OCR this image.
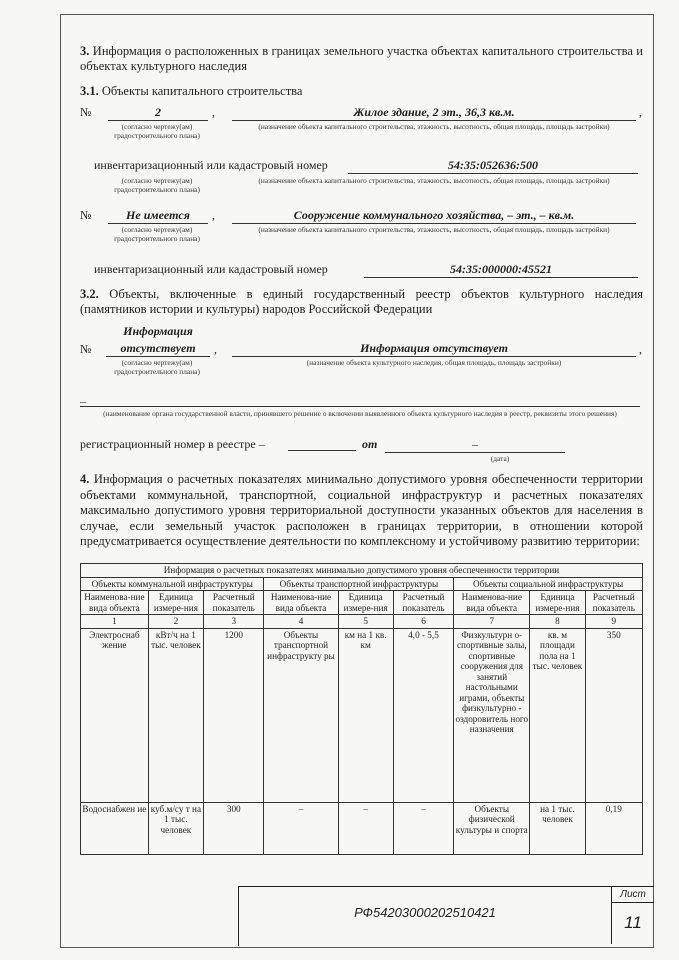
3. Информация о расположенных в границах земельного участка объектах капитального строительства и объектах культурного наследия
3.1. Объекты капитального строительства
№	2	,	Жилое здание, 2 эт., 36,3 кв.м.	,
(согласно чертежу(ам) градостроительного плана)
(назначение объекта капитального строительства, этажность, высотность, общая площадь, площадь застройки)
инвентаризационный или кадастровый номер	54:35:052636:500
(согласно чертежу(ам) градостроительного плана)
(назначение объекта капитального строительства, этажность, высотность, общая площадь, площадь застройки)
№	Не имеется	,	Сооружение коммунального хозяйства, – эт., – кв.м.
(согласно чертежу(ам) градостроительного плана)
(назначение объекта капитального строительства, этажность, высотность, общая площадь, площадь застройки)
инвентаризационный или кадастровый номер	54:35:000000:45521
3.2. Объекты, включенные в единый государственный реестр объектов культурного наследия (памятников истории и культуры) народов Российской Федерации
Информация
№	отсутствует	,	Информация отсутствует	,
(согласно чертежу(ам) градостроительного плана)
(назначение объекта культурного наследия, общая площадь, площадь застройки)
–
(наименование органа государственной власти, принявшего решение о включении выявленного объекта культурного наследия в реестр, реквизиты этого решения)
регистрационный номер в реестре –	от	–
(дата)
4. Информация о расчетных показателях минимально допустимого уровня обеспеченности территории объектами коммунальной, транспортной, социальной инфраструктур и расчетных показателях максимально допустимого уровня территориальной доступности указанных объектов для населения в случае, если земельный участок расположен в границах территории, в отношении которой предусматривается осуществление деятельности по комплексному и устойчивому развитию территории:
Информация о расчетных показателях минимально допустимого уровня обеспеченности территории								
Объекты коммунальной инфраструктуры			Объекты транспортной инфраструктуры			Объекты социальной инфраструктуры		
Наименова-ние вида объекта	Единица измере-ния	Расчетный показатель	Наименова-ние вида объекта	Единица измере-ния	Расчетный показатель	Наименова-ние вида объекта	Единица измере-ния	Расчетный показатель
1	2	3	4	5	6	7	8	9
Электроснаб жение	кВт/ч на 1 тыс. человек	1200	Объекты транспортной инфраструкту ры	км на 1 кв. км	4,0 - 5,5	Физкультурн о-спортивные залы, спортивные сооружения для занятий настольными играми, объекты физкультурно - оздоровитель ного назначения	кв. м площади пола на 1 тыс. человек	350
Водоснабжен ие	куб.м/су т на 1 тыс. человек	300	–	–	–	Объекты физической культуры и спорта	на 1 тыс. человек	0,19
РФ5420300020251042​1
Лист
11
